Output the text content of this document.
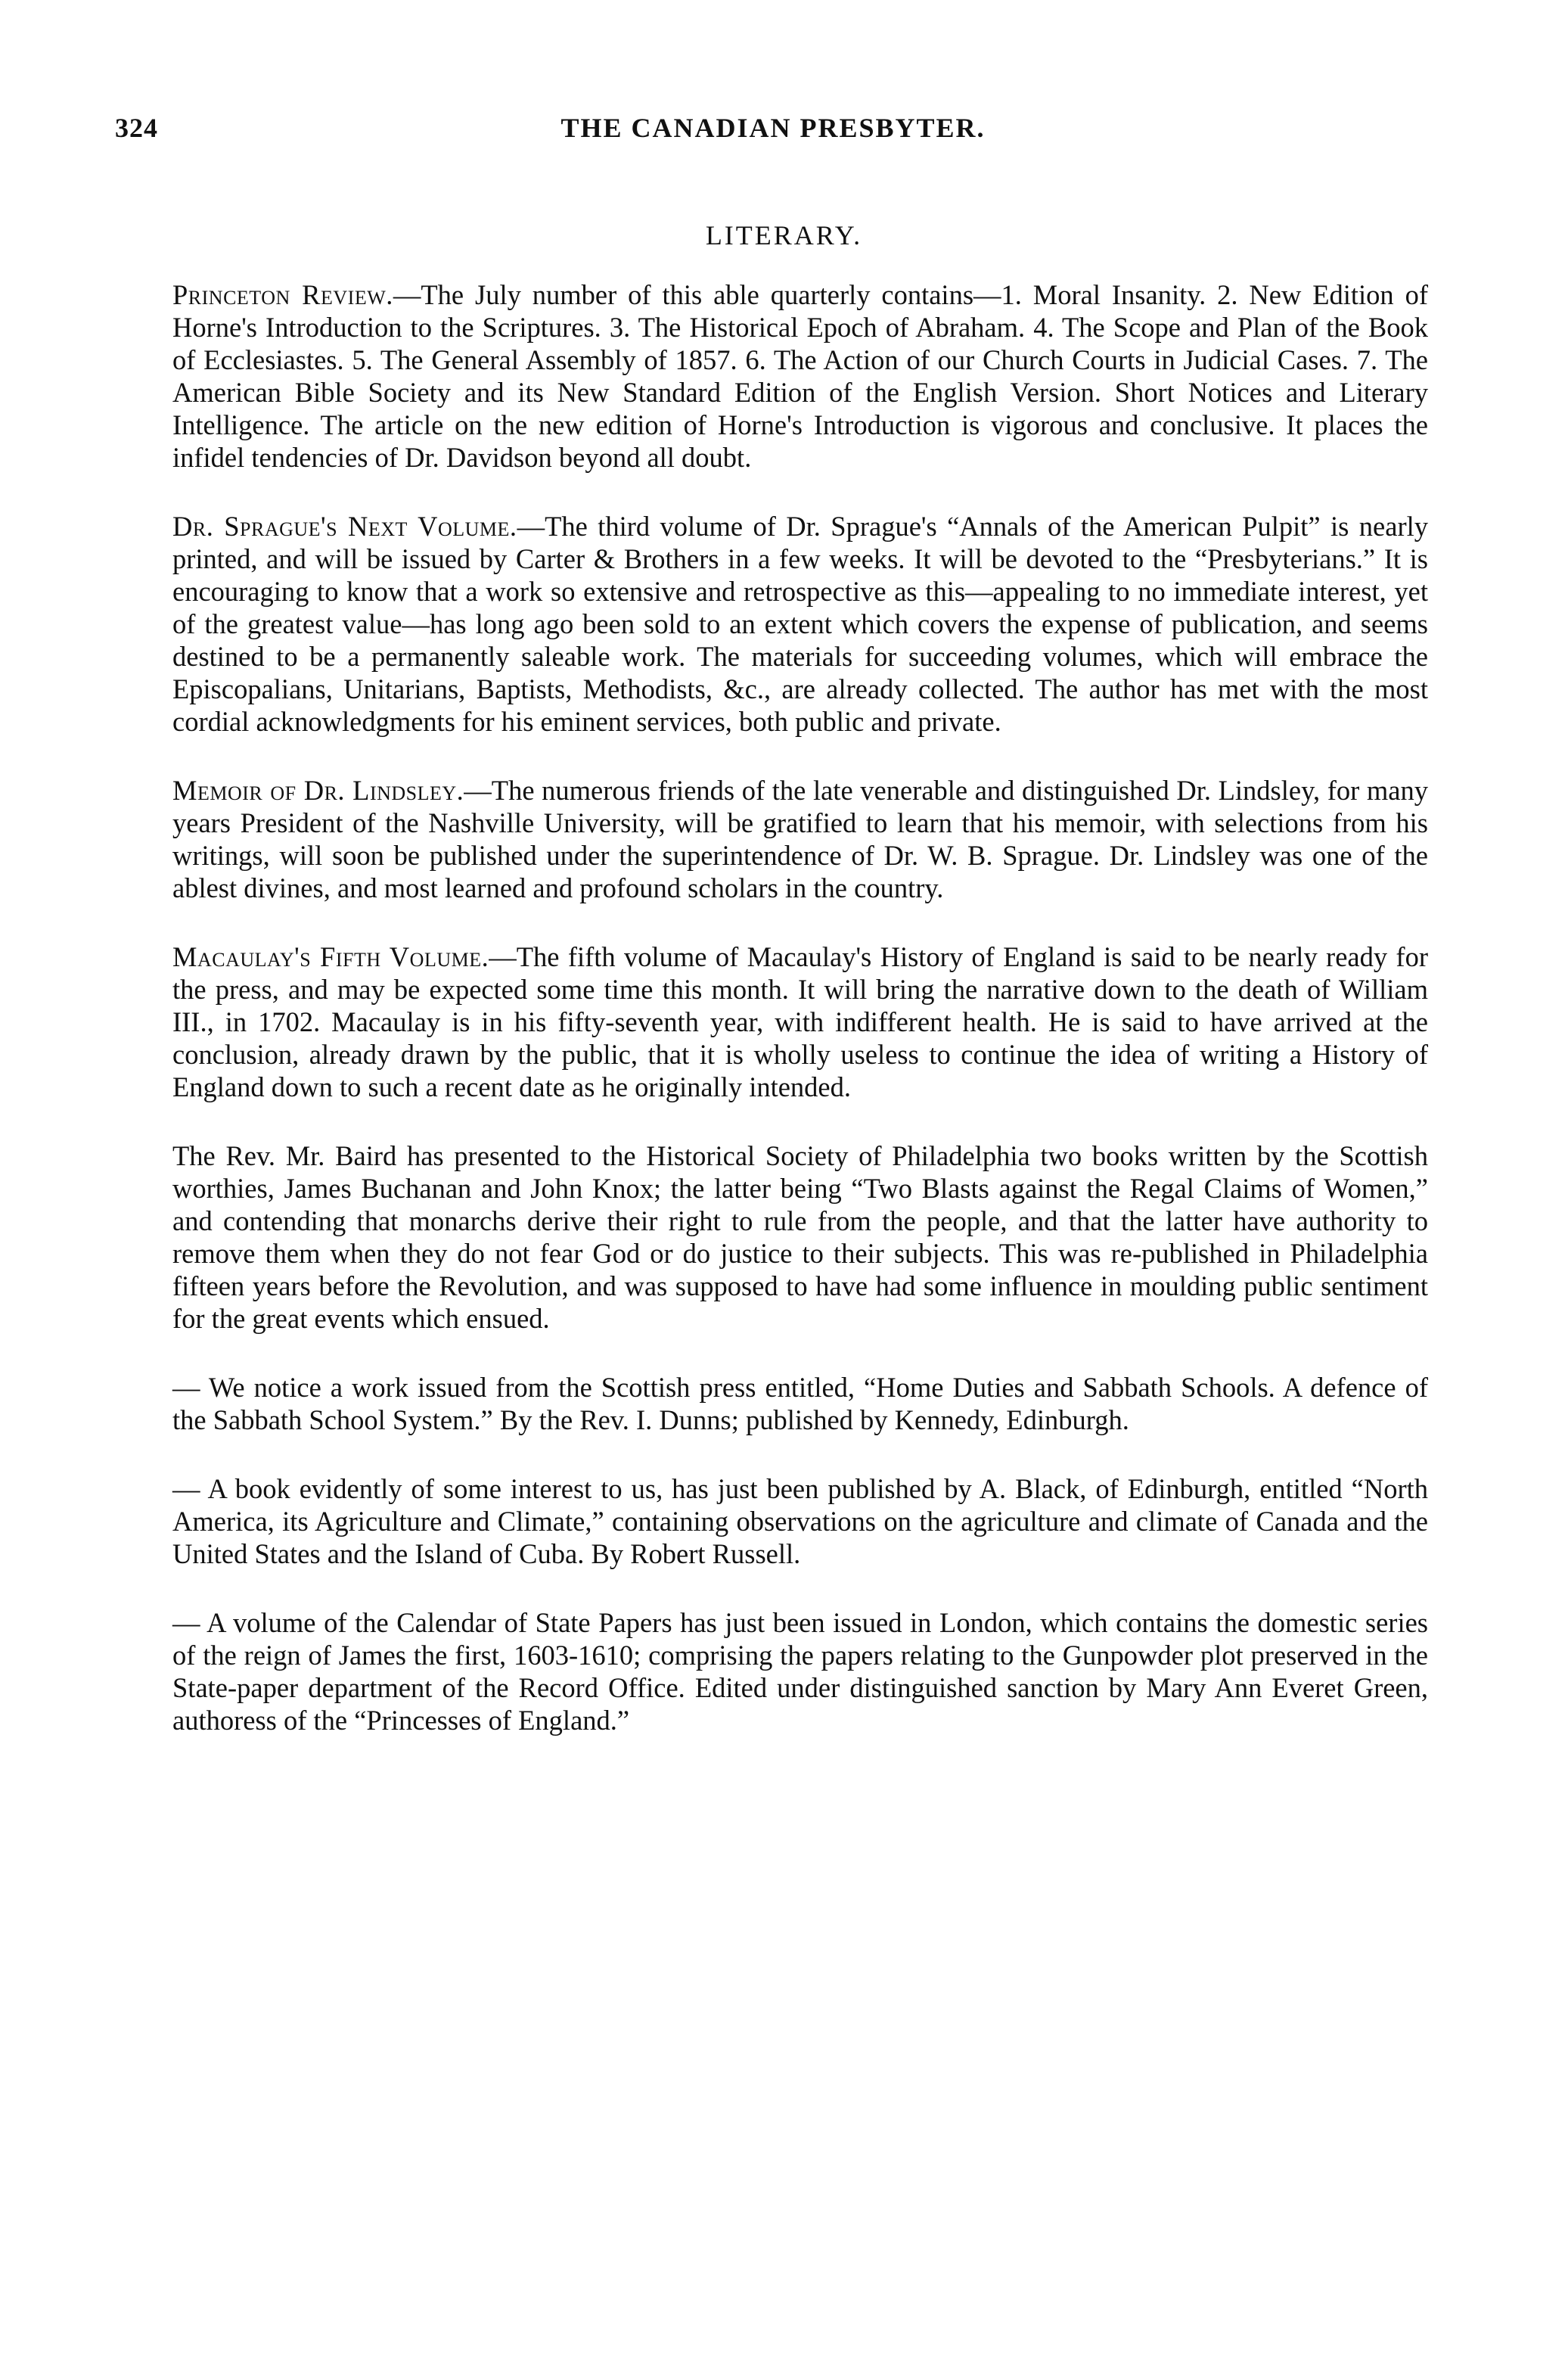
324	THE CANADIAN PRESBYTER.
LITERARY.

Princeton Review.—The July number of this able quarterly contains—1. Moral Insanity. 2. New Edition of Horne's Introduction to the Scriptures. 3. The Historical Epoch of Abraham. 4. The Scope and Plan of the Book of Ecclesiastes. 5. The General Assembly of 1857. 6. The Action of our Church Courts in Judicial Cases. 7. The American Bible Society and its New Standard Edition of the English Version. Short Notices and Literary Intelligence. The article on the new edition of Horne's Introduction is vigorous and conclusive. It places the infidel tendencies of Dr. Davidson beyond all doubt.

Dr. Sprague's Next Volume.—The third volume of Dr. Sprague's “Annals of the American Pulpit” is nearly printed, and will be issued by Carter & Brothers in a few weeks. It will be devoted to the “Presbyterians.” It is encouraging to know that a work so extensive and retrospective as this—appealing to no immediate interest, yet of the greatest value—has long ago been sold to an extent which covers the expense of publication, and seems destined to be a permanently saleable work. The materials for succeeding volumes, which will embrace the Episcopalians, Unitarians, Baptists, Methodists, &c., are already collected. The author has met with the most cordial acknowledgments for his eminent services, both public and private.

Memoir of Dr. Lindsley.—The numerous friends of the late venerable and distinguished Dr. Lindsley, for many years President of the Nashville University, will be gratified to learn that his memoir, with selections from his writings, will soon be published under the superintendence of Dr. W. B. Sprague. Dr. Lindsley was one of the ablest divines, and most learned and profound scholars in the country.

Macaulay's Fifth Volume.—The fifth volume of Macaulay's History of England is said to be nearly ready for the press, and may be expected some time this month. It will bring the narrative down to the death of William III., in 1702. Macaulay is in his fifty-seventh year, with indifferent health. He is said to have arrived at the conclusion, already drawn by the public, that it is wholly useless to continue the idea of writing a History of England down to such a recent date as he originally intended.

The Rev. Mr. Baird has presented to the Historical Society of Philadelphia two books written by the Scottish worthies, James Buchanan and John Knox; the latter being “Two Blasts against the Regal Claims of Women,” and contending that monarchs derive their right to rule from the people, and that the latter have authority to remove them when they do not fear God or do justice to their subjects. This was re-published in Philadelphia fifteen years before the Revolution, and was supposed to have had some influence in moulding public sentiment for the great events which ensued.

— We notice a work issued from the Scottish press entitled, “Home Duties and Sabbath Schools. A defence of the Sabbath School System.” By the Rev. I. Dunns; published by Kennedy, Edinburgh.

— A book evidently of some interest to us, has just been published by A. Black, of Edinburgh, entitled “North America, its Agriculture and Climate,” containing observations on the agriculture and climate of Canada and the United States and the Island of Cuba. By Robert Russell.

— A volume of the Calendar of State Papers has just been issued in London, which contains the domestic series of the reign of James the first, 1603-1610; comprising the papers relating to the Gunpowder plot preserved in the State-paper department of the Record Office. Edited under distinguished sanction by Mary Ann Everet Green, authoress of the “Princesses of England.”
